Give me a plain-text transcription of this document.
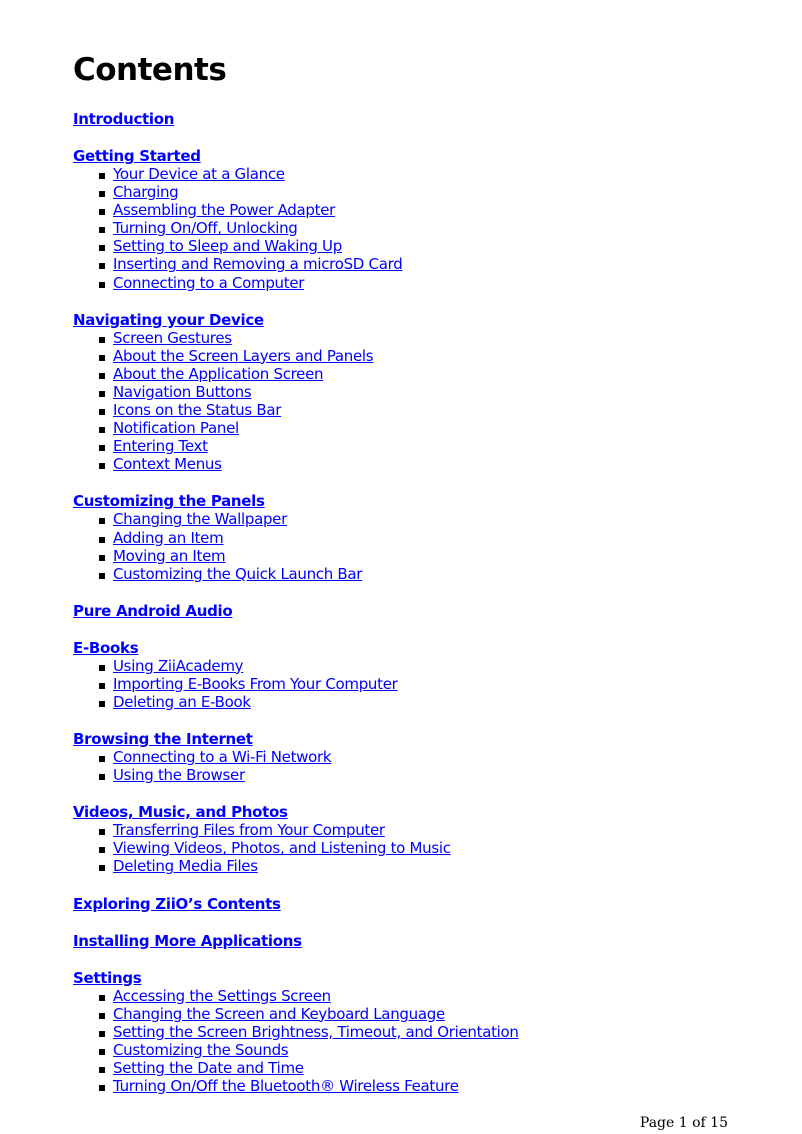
Contents
Introduction
Getting Started
Your Device at a Glance
Charging
Assembling the Power Adapter
Turning On/Off, Unlocking
Setting to Sleep and Waking Up
Inserting and Removing a microSD Card
Connecting to a Computer
Navigating your Device
Screen Gestures
About the Screen Layers and Panels
About the Application Screen
Navigation Buttons
Icons on the Status Bar
Notification Panel
Entering Text
Context Menus
Customizing the Panels
Changing the Wallpaper
Adding an Item
Moving an Item
Customizing the Quick Launch Bar
Pure Android Audio
E-Books
Using ZiiAcademy
Importing E-Books From Your Computer
Deleting an E-Book
Browsing the Internet
Connecting to a Wi-Fi Network
Using the Browser
Videos, Music, and Photos
Transferring Files from Your Computer
Viewing Videos, Photos, and Listening to Music
Deleting Media Files
Exploring ZiiO’s Contents
Installing More Applications
Settings
Accessing the Settings Screen
Changing the Screen and Keyboard Language
Setting the Screen Brightness, Timeout, and Orientation
Customizing the Sounds
Setting the Date and Time
Turning On/Off the Bluetooth® Wireless Feature
Page 1 of 15
